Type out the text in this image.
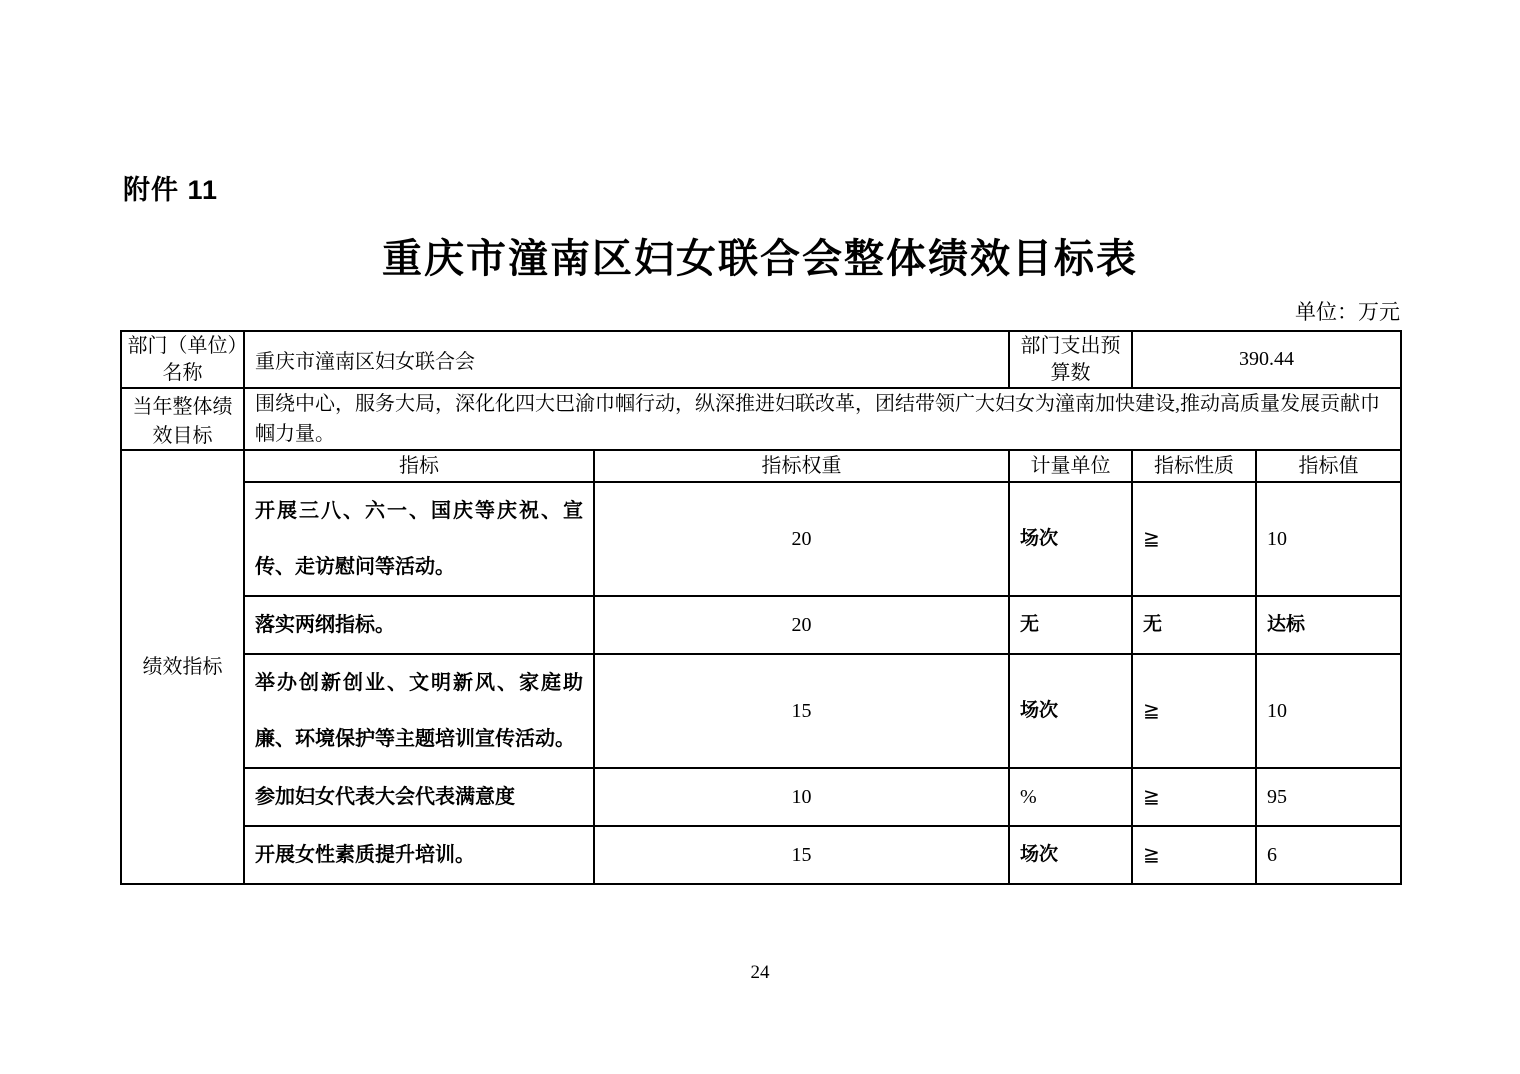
附件 11
重庆市潼南区妇女联合会整体绩效目标表
单位：万元
部门（单位）名称	重庆市潼南区妇女联合会		部门支出预算数	390.44	
当年整体绩效目标	围绕中心，服务大局，深化化四大巴渝巾帼行动，纵深推进妇联改革，团结带领广大妇女为潼南加快建设,推动高质量发展贡献巾帼力量。				
绩效指标	指标	指标权重	计量单位	指标性质	指标值
	开展三八、六一、国庆等庆祝、宣传、走访慰问等活动。	20	场次	≧	10
	落实两纲指标。	20	无	无	达标
	举办创新创业、文明新风、家庭助廉、环境保护等主题培训宣传活动。	15	场次	≧	10
	参加妇女代表大会代表满意度	10	%	≧	95
	开展女性素质提升培训。	15	场次	≧	6
24
